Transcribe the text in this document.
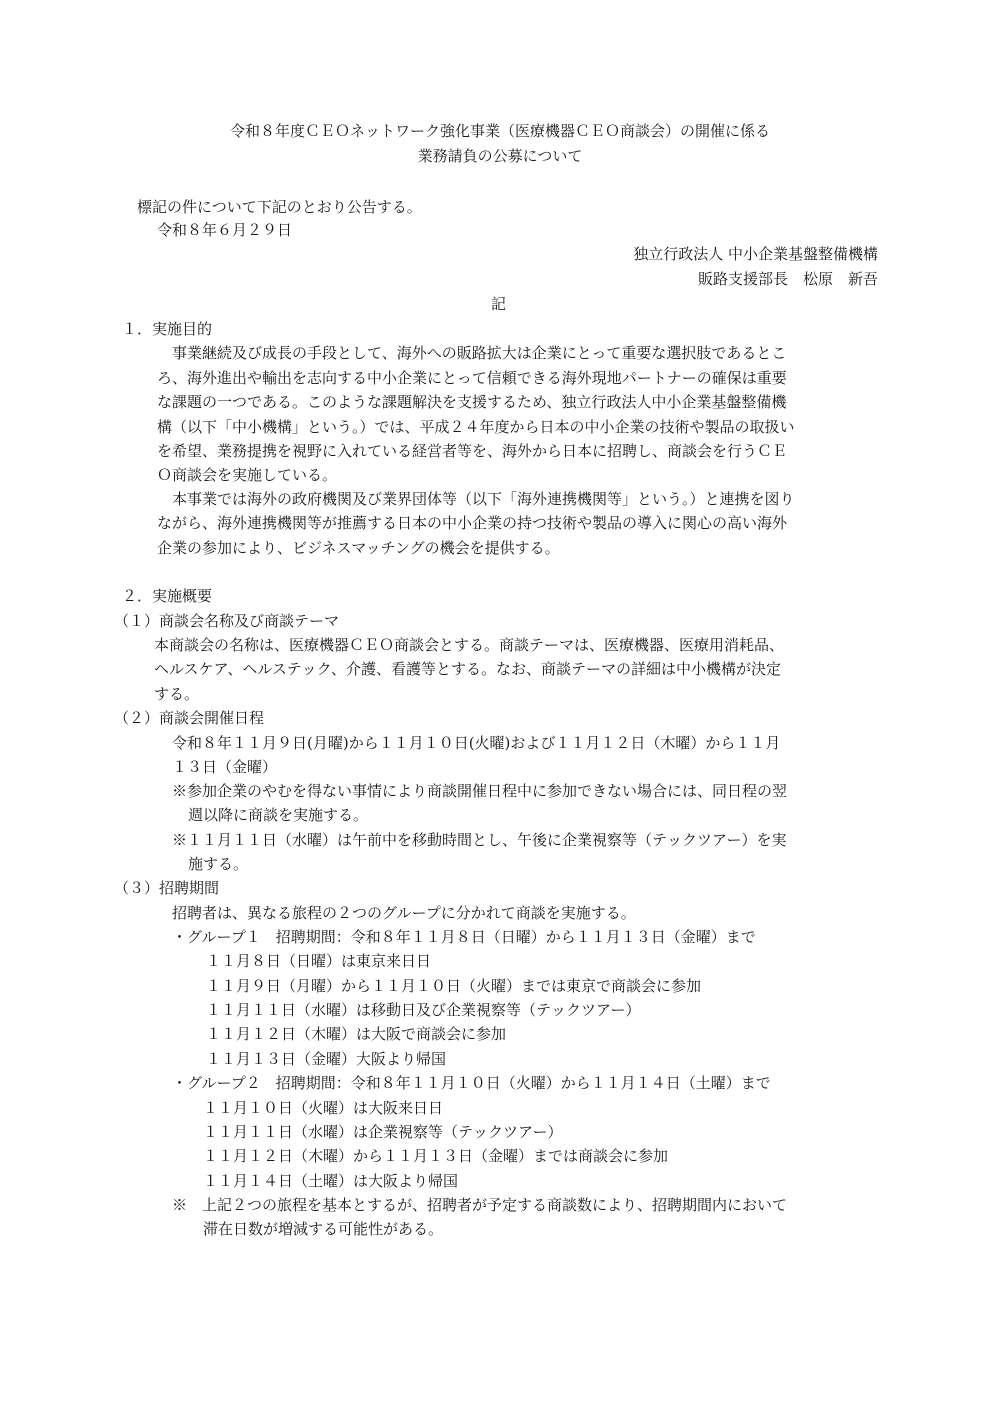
令和８年度ＣＥＯネットワーク強化事業（医療機器ＣＥＯ商談会）の開催に係る
業務請負の公募について
標記の件について下記のとおり公告する。
令和８年６月２９日
独立行政法人 中小企業基盤整備機構
販路支援部長　松原　新吾
記
１．実施目的
事業継続及び成長の手段として、海外への販路拡大は企業にとって重要な選択肢であるとこ
ろ、海外進出や輸出を志向する中小企業にとって信頼できる海外現地パートナーの確保は重要
な課題の一つである。このような課題解決を支援するため、独立行政法人中小企業基盤整備機
構（以下「中小機構」という。）では、平成２４年度から日本の中小企業の技術や製品の取扱い
を希望、業務提携を視野に入れている経営者等を、海外から日本に招聘し、商談会を行うＣＥ
Ｏ商談会を実施している。
本事業では海外の政府機関及び業界団体等（以下「海外連携機関等」という。）と連携を図り
ながら、海外連携機関等が推薦する日本の中小企業の持つ技術や製品の導入に関心の高い海外
企業の参加により、ビジネスマッチングの機会を提供する。
２．実施概要
（１）商談会名称及び商談テーマ
本商談会の名称は、医療機器ＣＥＯ商談会とする。商談テーマは、医療機器、医療用消耗品、
ヘルスケア、ヘルステック、介護、看護等とする。なお、商談テーマの詳細は中小機構が決定
する。
（２）商談会開催日程
令和８年１１月９日(月曜)から１１月１０日(火曜)および１１月１２日（木曜）から１１月
１３日（金曜）
※参加企業のやむを得ない事情により商談開催日程中に参加できない場合には、同日程の翌
週以降に商談を実施する。
※１１月１１日（水曜）は午前中を移動時間とし、午後に企業視察等（テックツアー）を実
施する。
（３）招聘期間
招聘者は、異なる旅程の２つのグループに分かれて商談を実施する。
・グループ１　招聘期間：令和８年１１月８日（日曜）から１１月１３日（金曜）まで
１１月８日（日曜）は東京来日日
１１月９日（月曜）から１１月１０日（火曜）までは東京で商談会に参加
１１月１１日（水曜）は移動日及び企業視察等（テックツアー）
１１月１２日（木曜）は大阪で商談会に参加
１１月１３日（金曜）大阪より帰国
・グループ２　招聘期間：令和８年１１月１０日（火曜）から１１月１４日（土曜）まで
１１月１０日（火曜）は大阪来日日
１１月１１日（水曜）は企業視察等（テックツアー）
１１月１２日（木曜）から１１月１３日（金曜）までは商談会に参加
１１月１４日（土曜）は大阪より帰国
※　上記２つの旅程を基本とするが、招聘者が予定する商談数により、招聘期間内において
滞在日数が増減する可能性がある。
